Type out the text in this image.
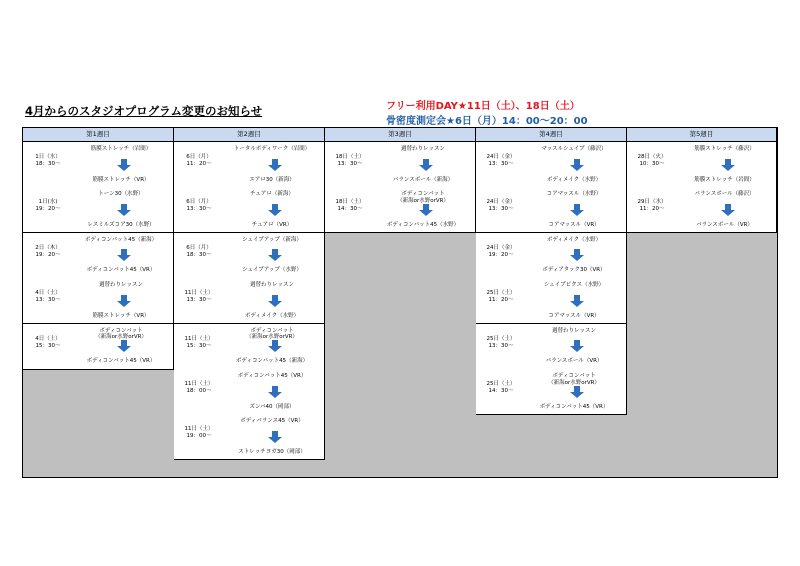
4月からのスタジオプログラム変更のお知らせ	フリー利用DAY★11日（土）、18日（土）
骨密度測定会★6日（月）14：00～20：00
第1週目
1日（水）
18：30～
筋膜ストレッチ（岩間）
筋膜ストレッチ（VR）
1日(水)
19：20～
トーン30（水野）
レスミルズコア30（水野）
2日（木）
19：20～
ボディコンバット45（新海）
ボディコンバット45（VR）
4日（土）
13：30～
週替わりレッスン
筋膜ストレッチ（VR）
4日（土）
15：30～
ボディコンバット
（新海or水野orVR）
ボディコンバット45（VR）
第2週目
6日（月）
11：20～
トータルボディワーク（岩間）
エアロ30（新海）
6日（月）
13：30～
チュアロ（新海）
チュアロ（VR）
6日（月）
18：30～
シェイプアップ（新海）
シェイプアップ（水野）
11日（土）
13：30～
週替わりレッスン
ボディメイク（水野）
11日（土）
15：30～
ボディコンバット
（新海or水野orVR）
ボディコンバット45（新海）
11日（土）
18：00～
ボディコンバット45（VR）
ズンバ40（岡部）
11日（土）
19：00～
ボディバランス45（VR）
ストレッチヨガ30（岡部）
第3週目
18日（土）
13：30～
週替わりレッスン
バランスボール（新海）
18日（土）
14：30～
ボディコンバット
（新海or水野orVR）
ボディコンバット45（水野）
第4週目
24日（金）
13：30～
マッスルシェイプ（藤沢）
ボディメイク（水野）
24日（金）
13：30～
コアマッスル（水野）
コアマッスル（VR）
24日（金）
19：20～
ボディメイク（水野）
ボディアタック30（VR）
25日（土）
11：20～
シェイプビクス（水野）
コアマッスル（VR）
25日（土）
13：30～
週替わりレッスン
バランスボール（VR）
25日（土）
14：30～
ボディコンバット
（新海or水野orVR）
ボディコンバット45（VR）
第5週目
28日（火）
10：30～
筋膜ストレッチ（藤沢）
筋膜ストレッチ（岩間）
29日（水）
11：20～
バランスボール（藤沢）
バランスボール（VR）
